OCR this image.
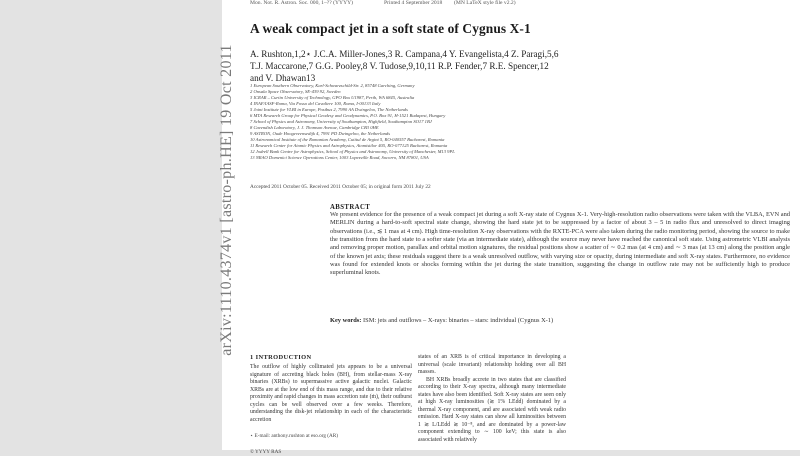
Mon. Not. R. Astron. Soc. 000, 1–?? (YYYY)	Printed 4 September 2018 (MN LaTeX style file v2.2)
A weak compact jet in a soft state of Cygnus X-1
A. Rushton,1,2⋆ J.C.A. Miller-Jones,3 R. Campana,4 Y. Evangelista,4 Z. Paragi,5,6
T.J. Maccarone,7 G.G. Pooley,8 V. Tudose,9,10,11 R.P. Fender,7 R.E. Spencer,12
and V. Dhawan13
1 European Southern Observatory, Karl-Schwarzschild-Str. 2, 85748 Garching, Germany
2 Onsala Space Observatory, SE-439 92, Sweden
3 ICRAR – Curtin University of Technology, GPO Box U1987, Perth, WA 6845, Australia
4 INAF/IASF-Roma, Via Fosso del Cavaliere 100, Roma, I-00133 Italy
5 Joint Institute for VLBI in Europe, Postbus 2, 7990 AA Dwingeloo, The Netherlands
6 MTA Research Group for Physical Geodesy and Geodynamics, P.O. Box 91, H-1521 Budapest, Hungary
7 School of Physics and Astronomy, University of Southampton, Highfield, Southampton SO17 1BJ
8 Cavendish Laboratory, J. J. Thomson Avenue, Cambridge CB3 0HE
9 ASTRON, Oude Hoogeveensedijk 4, 7991 PD Dwingeloo, the Netherlands
10 Astronomical Institute of the Romanian Academy, Cutitul de Argint 5, RO-040557 Bucharest, Romania
11 Research Center for Atomic Physics and Astrophysics, Atomistilor 405, RO-077125 Bucharest, Romania
12 Jodrell Bank Centre for Astrophysics, School of Physics and Astronomy, University of Manchester, M13 9PL
13 NRAO Domenici Science Operations Center, 1003 Lopezville Road, Socorro, NM 87801, USA
Accepted 2011 October 05. Received 2011 October 05; in original form 2011 July 22
ABSTRACT
We present evidence for the presence of a weak compact jet during a soft X-ray state of Cygnus X-1. Very-high-resolution radio observations were taken with the VLBA, EVN and MERLIN during a hard-to-soft spectral state change, showing the hard state jet to be suppressed by a factor of about 3 – 5 in radio flux and unresolved to direct imaging observations (i.e., ≲ 1 mas at 4 cm). High time-resolution X-ray observations with the RXTE-PCA were also taken during the radio monitoring period, showing the source to make the transition from the hard state to a softer state (via an intermediate state), although the source may never have reached the canonical soft state. Using astrometric VLBI analysis and removing proper motion, parallax and orbital motion signatures, the residual positions show a scatter of ∼ 0.2 mas (at 4 cm) and ∼ 3 mas (at 13 cm) along the position angle of the known jet axis; these residuals suggest there is a weak unresolved outflow, with varying size or opacity, during intermediate and soft X-ray states. Furthermore, no evidence was found for extended knots or shocks forming within the jet during the state transition, suggesting the change in outflow rate may not be sufficiently high to produce superluminal knots.
Key words: ISM: jets and outflows – X-rays: binaries – stars: individual (Cygnus X-1)
1 INTRODUCTION
The outflow of highly collimated jets appears to be a universal signature of accreting black holes (BH), from stellar-mass X-ray binaries (XRBs) to supermassive active galactic nuclei. Galactic XRBs are at the low end of this mass range, and due to their relative proximity and rapid changes in mass accretion rate (ṁ), their outburst cycles can be well observed over a few weeks. Therefore, understanding the disk-jet relationship in each of the characteristic accretion
⋆ E-mail: anthony.rushton at eso.org (AR)
© YYYY RAS
states of an XRB is of critical importance in developing a universal (scale invariant) relationship holding over all BH masses.
BH XRBs broadly accrete in two states that are classified according to their X-ray spectra, although many intermediate states have also been identified. Soft X-ray states are seen only at high X-ray luminosities (≳ 1% LEdd) dominated by a thermal X-ray component, and are associated with weak radio emission. Hard X-ray states can show all luminosities between 1 ≳ L/LEdd ≳ 10⁻⁸, and are dominated by a power-law component extending to ∼ 100 keV; this state is also associated with relatively
arXiv:1110.4374v1 [astro-ph.HE] 19 Oct 2011
